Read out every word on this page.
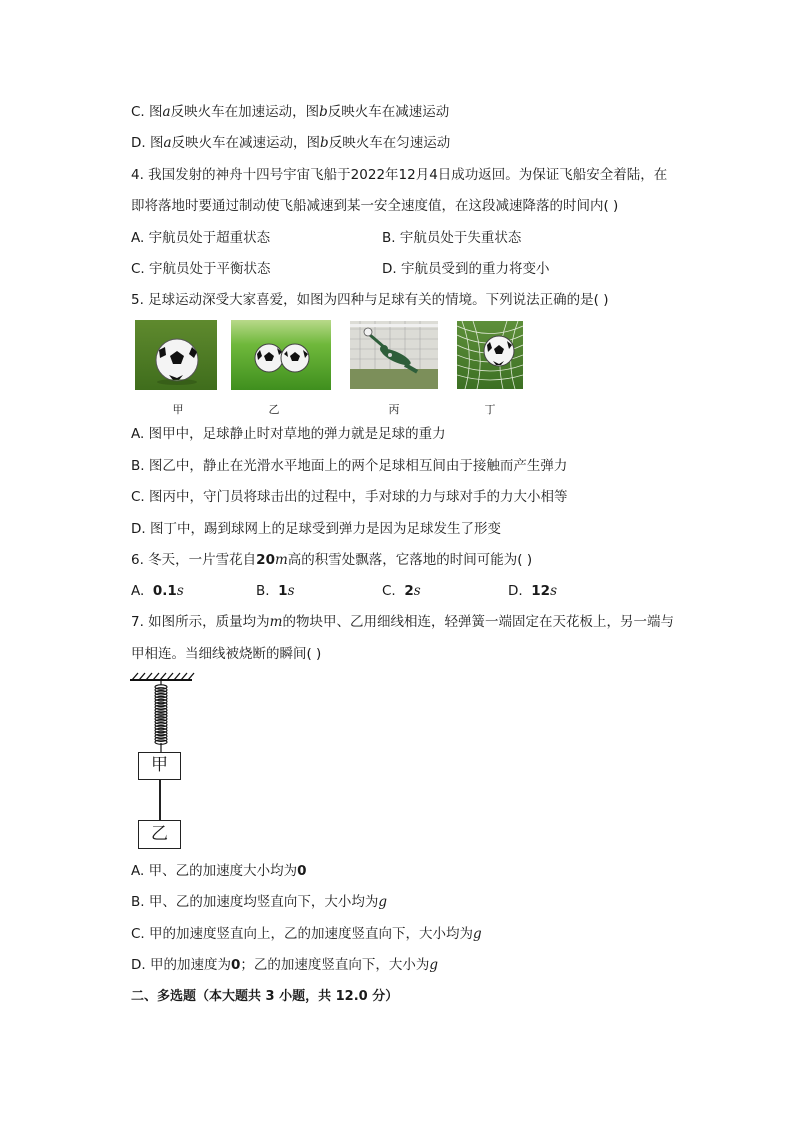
C. 图a反映火车在加速运动，图b反映火车在减速运动
D. 图a反映火车在减速运动，图b反映火车在匀速运动
4. 我国发射的神舟十四号宇宙飞船于2022年12月4日成功返回。为保证飞船安全着陆，在
即将落地时要通过制动使飞船减速到某一安全速度值，在这段减速降落的时间内( )
A. 宇航员处于超重状态	B. 宇航员处于失重状态
C. 宇航员处于平衡状态	D. 宇航员受到的重力将变小
5. 足球运动深受大家喜爱，如图为四种与足球有关的情境。下列说法正确的是( )
甲	乙	丙	丁
A. 图甲中，足球静止时对草地的弹力就是足球的重力
B. 图乙中，静止在光滑水平地面上的两个足球相互间由于接触而产生弹力
C. 图丙中，守门员将球击出的过程中，手对球的力与球对手的力大小相等
D. 图丁中，踢到球网上的足球受到弹力是因为足球发生了形变
6. 冬天，一片雪花自20m高的积雪处飘落，它落地的时间可能为( )
A. 0.1s	B. 1s	C. 2s	D. 12s
7. 如图所示，质量均为m的物块甲、乙用细线相连，轻弹簧一端固定在天花板上，另一端与
甲相连。当细线被烧断的瞬间( )
甲
乙
A. 甲、乙的加速度大小均为0
B. 甲、乙的加速度均竖直向下，大小均为g
C. 甲的加速度竖直向上，乙的加速度竖直向下，大小均为g
D. 甲的加速度为0；乙的加速度竖直向下，大小为g
二、多选题（本大题共 3 小题，共 12.0 分）
